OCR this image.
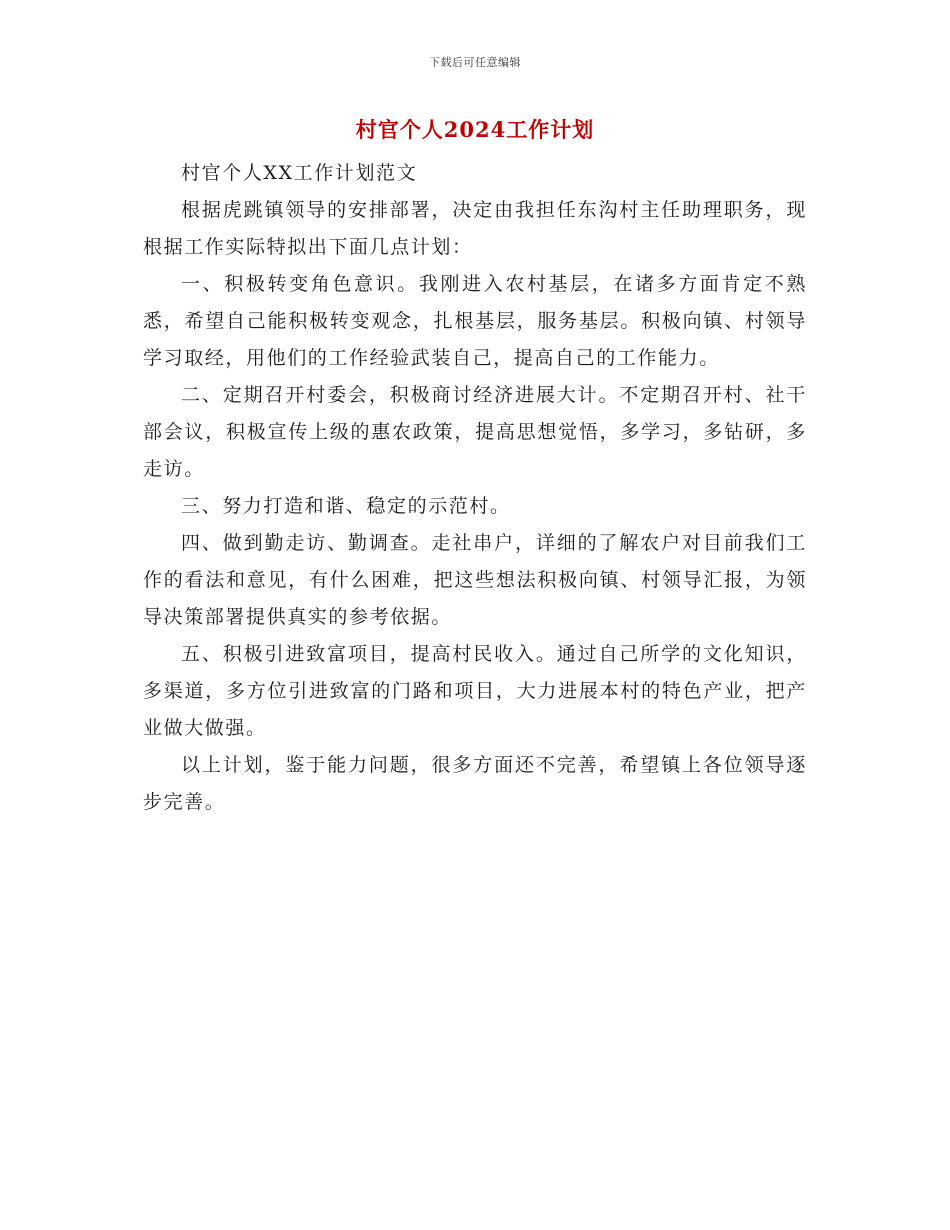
下载后可任意编辑
村官个人2024工作计划

村官个人XX工作计划范文

根据虎跳镇领导的安排部署，决定由我担任东沟村主任助理职务，现根据工作实际特拟出下面几点计划：

一、积极转变角色意识。我刚进入农村基层，在诸多方面肯定不熟悉，希望自己能积极转变观念，扎根基层，服务基层。积极向镇、村领导学习取经，用他们的工作经验武装自己，提高自己的工作能力。

二、定期召开村委会，积极商讨经济进展大计。不定期召开村、社干部会议，积极宣传上级的惠农政策，提高思想觉悟，多学习，多钻研，多走访。

三、努力打造和谐、稳定的示范村。

四、做到勤走访、勤调查。走社串户，详细的了解农户对目前我们工作的看法和意见，有什么困难，把这些想法积极向镇、村领导汇报，为领导决策部署提供真实的参考依据。

五、积极引进致富项目，提高村民收入。通过自己所学的文化知识，多渠道，多方位引进致富的门路和项目，大力进展本村的特色产业，把产业做大做强。

以上计划，鉴于能力问题，很多方面还不完善，希望镇上各位领导逐步完善。
